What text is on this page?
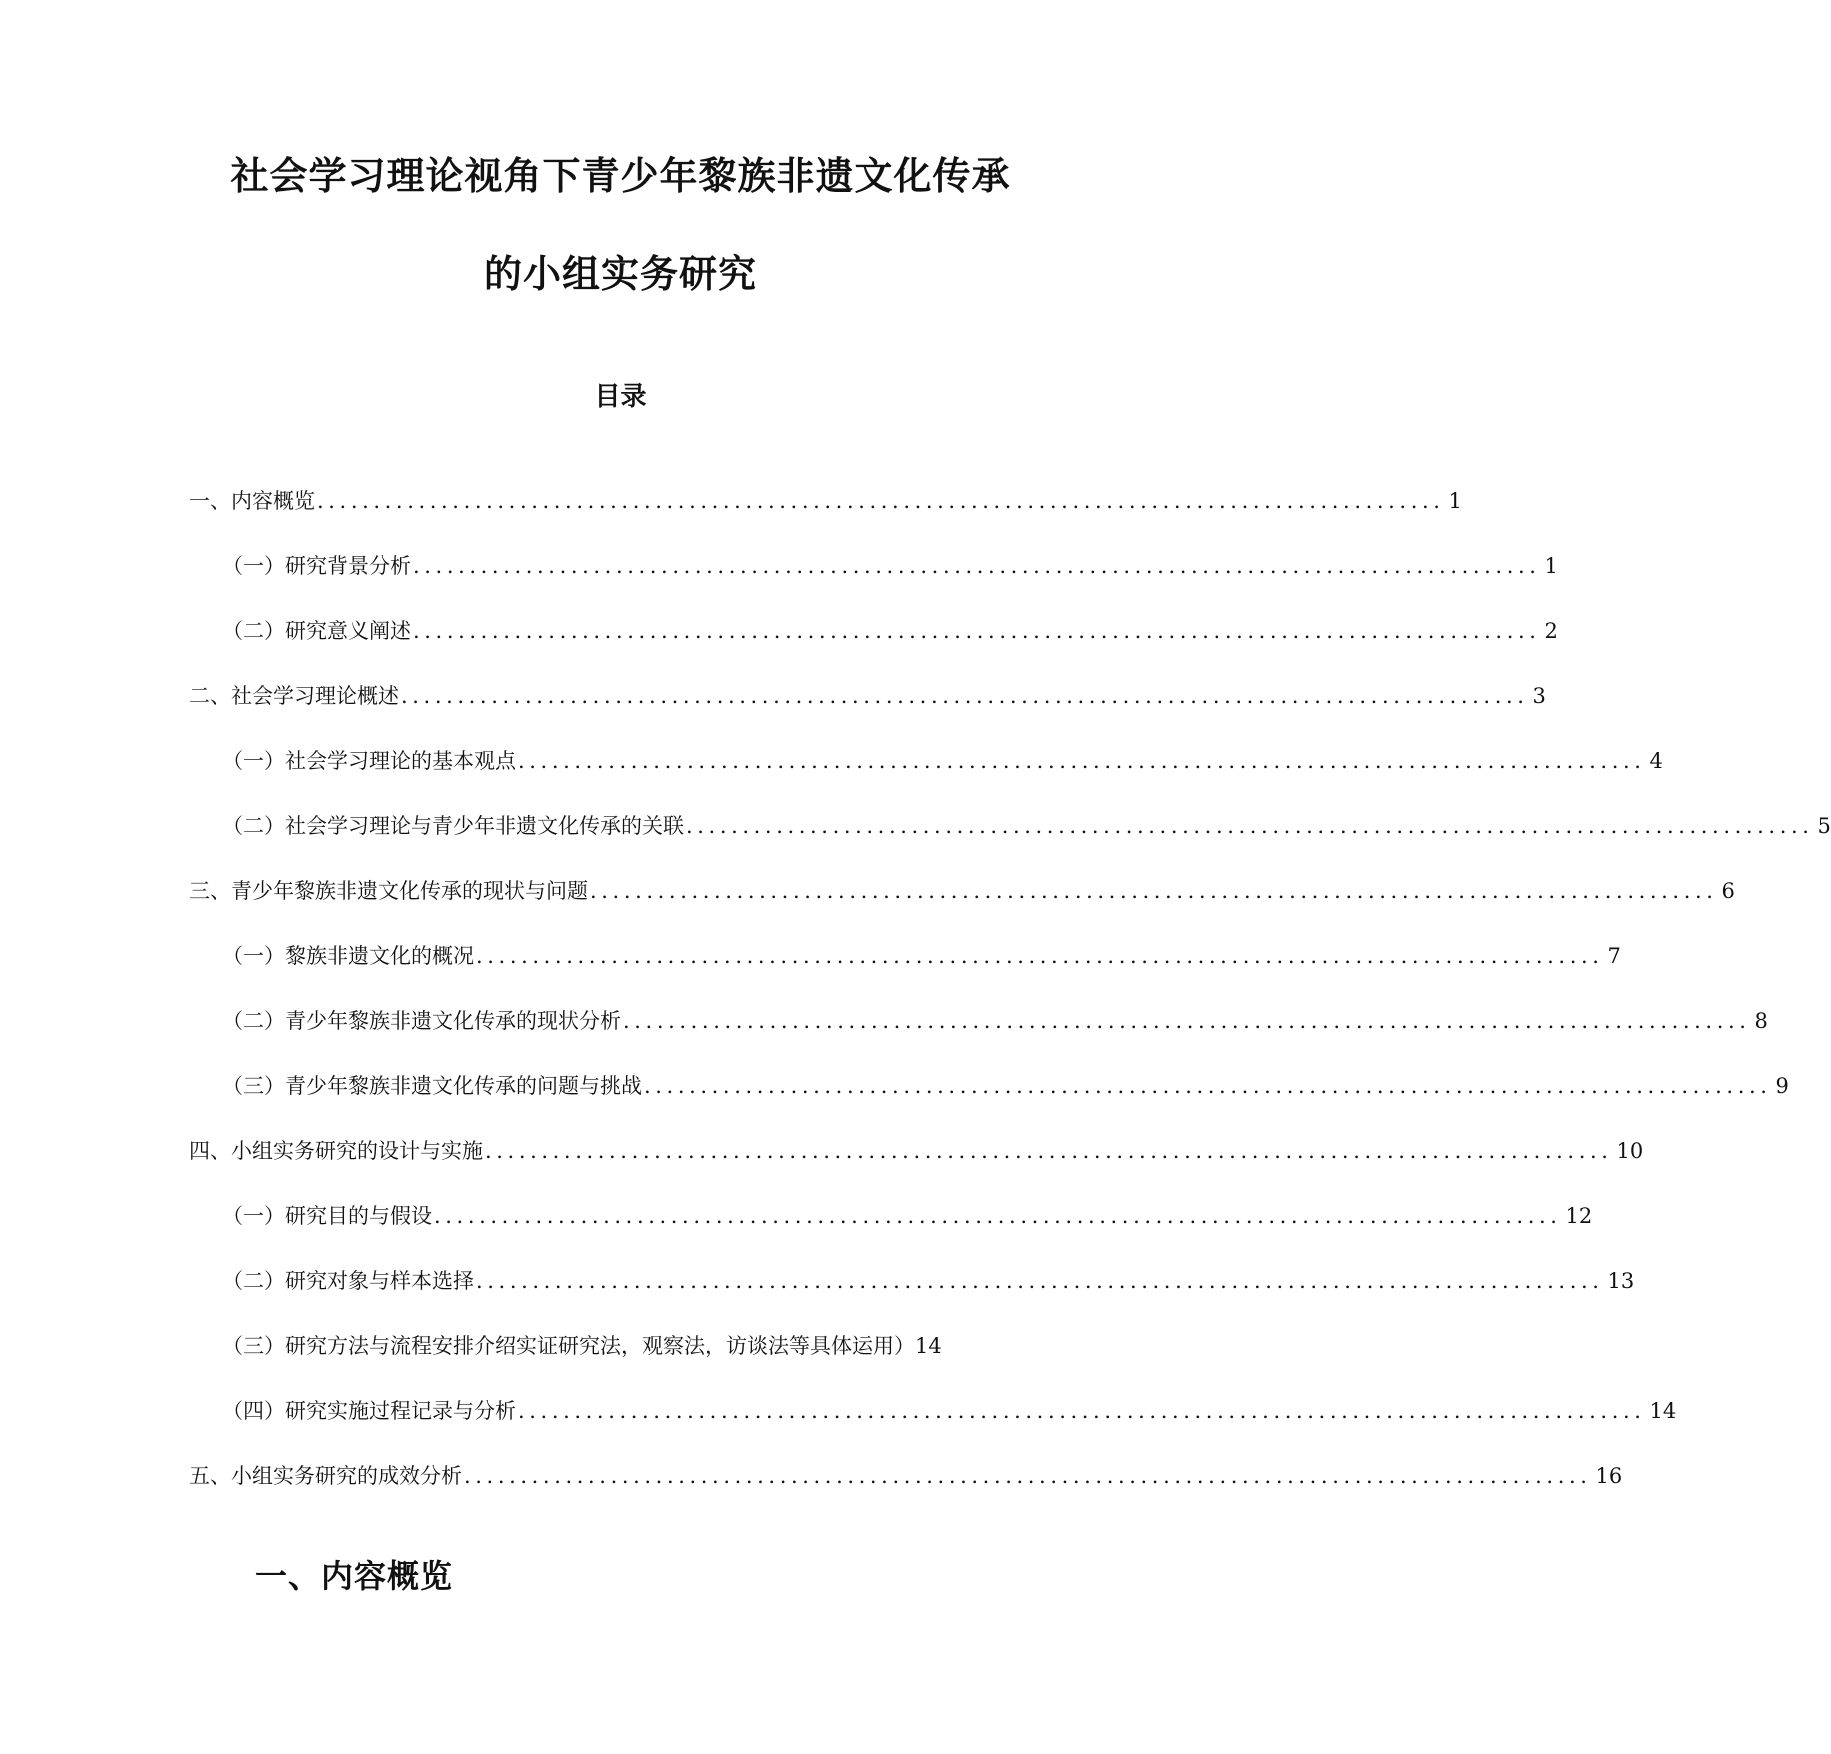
社会学习理论视角下青少年黎族非遗文化传承
的小组实务研究
目录
一、内容概览 .................................................................................................... 1
（一）研究背景分析 .................................................................................................... 1
（二）研究意义阐述 .................................................................................................... 2
二、社会学习理论概述 .................................................................................................... 3
（一）社会学习理论的基本观点 .................................................................................................... 4
（二）社会学习理论与青少年非遗文化传承的关联 .................................................................................................... 5
三、青少年黎族非遗文化传承的现状与问题 .................................................................................................... 6
（一）黎族非遗文化的概况 .................................................................................................... 7
（二）青少年黎族非遗文化传承的现状分析 .................................................................................................... 8
（三）青少年黎族非遗文化传承的问题与挑战 .................................................................................................... 9
四、小组实务研究的设计与实施 .................................................................................................... 10
（一）研究目的与假设 .................................................................................................... 12
（二）研究对象与样本选择 .................................................................................................... 13
（三）研究方法与流程安排介绍实证研究法，观察法，访谈法等具体运用） 14
（四）研究实施过程记录与分析 .................................................................................................... 14
五、小组实务研究的成效分析 .................................................................................................... 16
一、内容概览
